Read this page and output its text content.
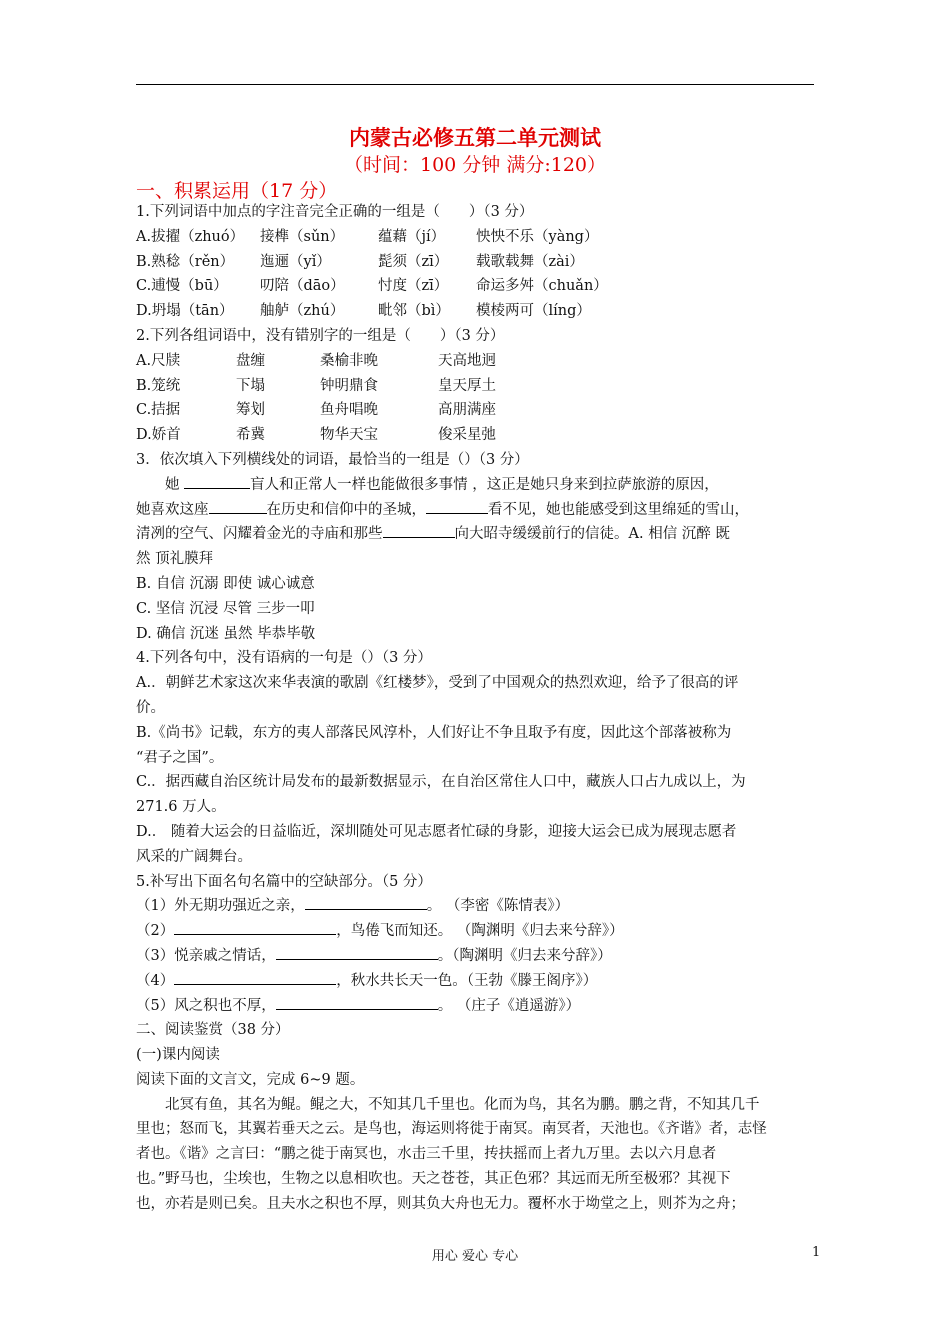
内蒙古必修五第二单元测试
（时间：100 分钟 满分:120）
一、积累运用（17 分）

1.下列词语中加点的字注音完全正确的一组是（　　）（3 分）

A.拔擢（zhuó） 接榫（sǔn） 蕴藉（jí） 怏怏不乐（yàng）

B.熟稔（rěn） 迤逦（yǐ）	髭须（zī） 载歌载舞（zài）

C.逋慢（bū） 叨陪（dāo） 忖度（zī） 命运多舛（chuǎn）

D.坍塌（tān） 舳舻（zhú） 毗邻（bì） 模棱两可（líng）

2.下列各组词语中，没有错别字的一组是（　　）（3 分）

A.尺牍	盘缠	桑榆非晚	天高地迥

B.笼统	下塌	钟明鼎食	皇天厚土

C.拮据	筹划	鱼舟唱晚	高朋满座

D.娇首	希冀	物华天宝	俊采星弛

3．依次填入下列横线处的词语，最恰当的一组是（）（3 分）

她	盲人和正常人一样也能做很多事情 ，这正是她只身来到拉萨旅游的原因，

她喜欢这座	在历史和信仰中的圣城，	看不见，她也能感受到这里绵延的雪山，

清冽的空气、闪耀着金光的寺庙和那些	向大昭寺缓缓前行的信徒。A. 相信 沉醉 既

然 顶礼膜拜

B. 自信 沉溺 即使 诚心诚意

C. 坚信 沉浸 尽管 三步一叩

D. 确信 沉迷 虽然 毕恭毕敬

4.下列各句中，没有语病的一句是（）（3 分）

A.．朝鲜艺术家这次来华表演的歌剧《红楼梦》，受到了中国观众的热烈欢迎，给予了很高的评

价。

B.《尚书》记载，东方的夷人部落民风淳朴，人们好让不争且取予有度，因此这个部落被称为

“君子之国”。

C.．据西藏自治区统计局发布的最新数据显示，在自治区常住人口中，藏族人口占九成以上，为

271.6 万人。

D.． 随着大运会的日益临近，深圳随处可见志愿者忙碌的身影，迎接大运会已成为展现志愿者

风采的广阔舞台。

5.补写出下面名句名篇中的空缺部分。（5 分）

（1）外无期功强近之亲，	。 （李密《陈情表》）

（2）	，鸟倦飞而知还。 （陶渊明《归去来兮辞》）

（3）悦亲戚之情话，	。（陶渊明《归去来兮辞》）

（4）	，秋水共长天一色。（王勃《滕王阁序》）

（5）风之积也不厚，	。 （庄子《逍遥游》）

二、阅读鉴赏（38 分）

(一)课内阅读

阅读下面的文言文，完成 6~9 题。

北冥有鱼，其名为鲲。鲲之大，不知其几千里也。化而为鸟，其名为鹏。鹏之背，不知其几千

里也；怒而飞，其翼若垂天之云。是鸟也，海运则将徙于南冥。南冥者，天池也。《齐谐》者，志怪

者也。《谐》之言曰：“鹏之徙于南冥也，水击三千里，抟扶摇而上者九万里。去以六月息者

也。”野马也，尘埃也，生物之以息相吹也。天之苍苍，其正色邪？其远而无所至极邪？其视下

也，亦若是则已矣。且夫水之积也不厚，则其负大舟也无力。覆杯水于坳堂之上，则芥为之舟；

用心 爱心 专心	1
